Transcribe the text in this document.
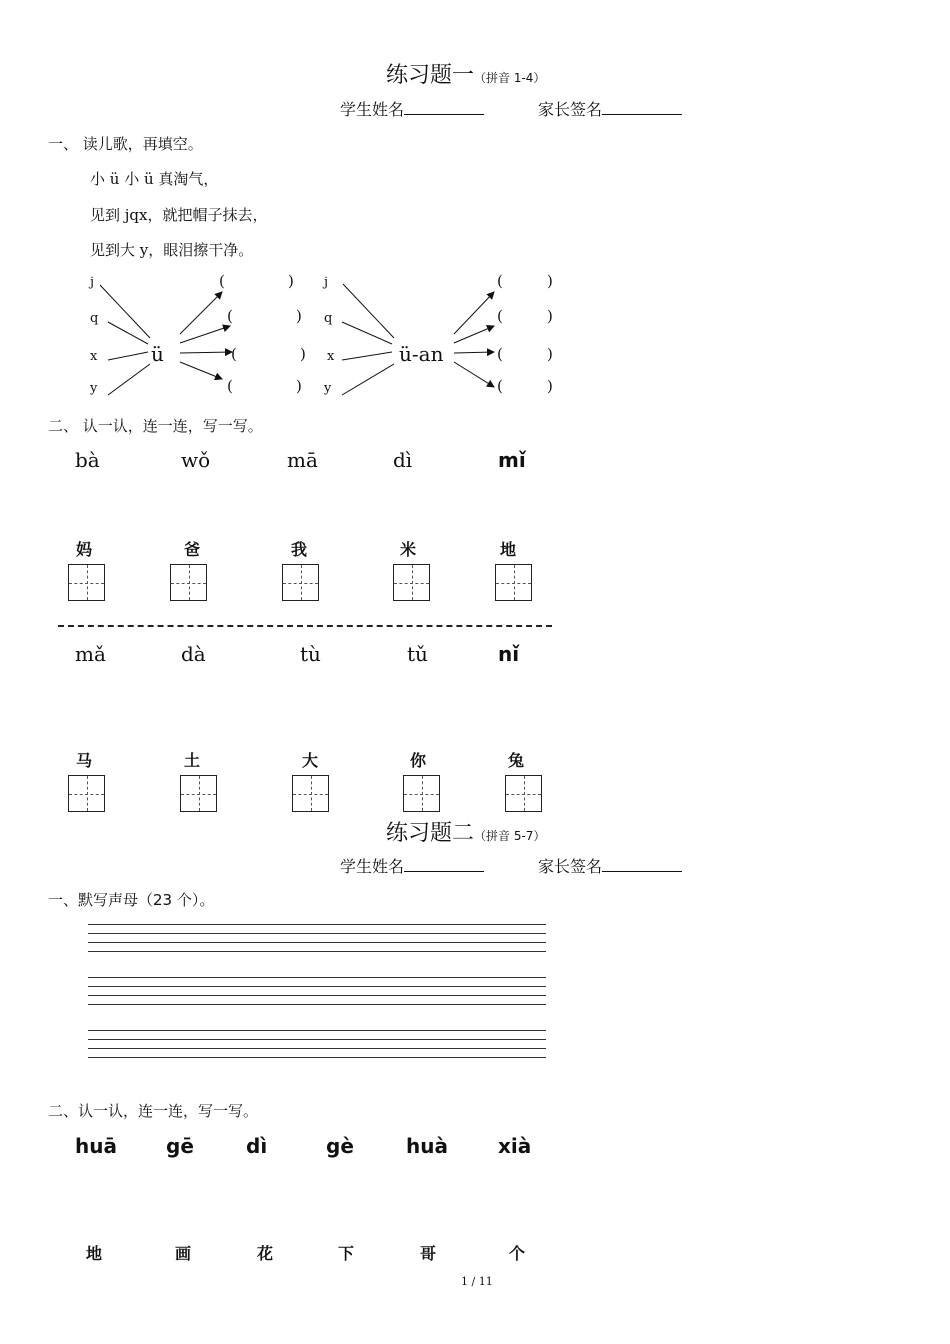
练习题一（拼音 1-4）
学生姓名	家长签名
一、 读儿歌，再填空。
小 ü 小 ü 真淘气，
见到 jqx，就把帽子抹去，
见到大 y，眼泪擦干净。
j
q
x
y
ü
(	)
(	)
(	)
(	)
j
q
x
y
ü-an
(	)
(	)
(	)
(	)
二、 认一认，连一连，写一写。
bà	wǒ	mā	dì	mǐ
妈	爸	我	米	地
mǎ	dà	tù	tǔ	nǐ
马	土	大	你	兔
练习题二（拼音 5-7）
学生姓名	家长签名
一、默写声母（23 个）。
二、认一认，连一连，写一写。
huā gē	dì	gè	huà	xià
地	画	花	下	哥	个
1 / 11
